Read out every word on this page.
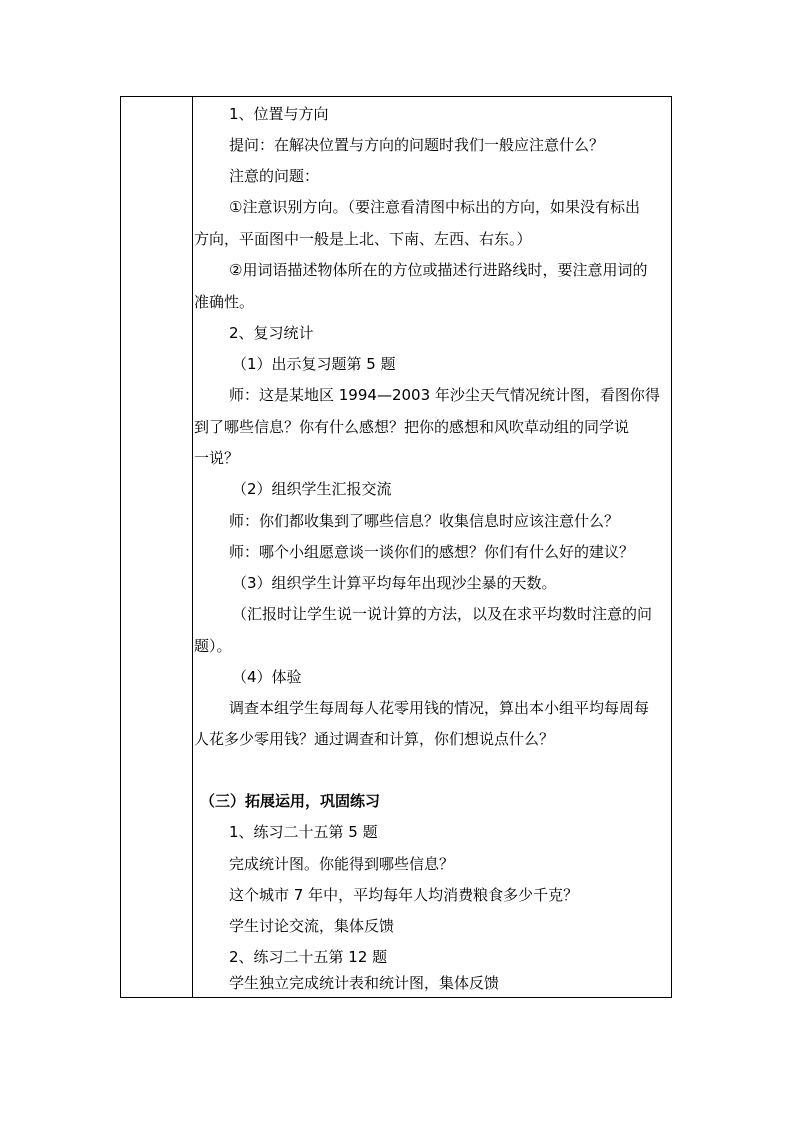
1、位置与方向
提问：在解决位置与方向的问题时我们一般应注意什么？
注意的问题：
①注意识别方向。（要注意看清图中标出的方向，如果没有标出
方向，平面图中一般是上北、下南、左西、右东。）
②用词语描述物体所在的方位或描述行进路线时，要注意用词的
准确性。
2、复习统计
（1）出示复习题第 5 题
师：这是某地区 1994—2003 年沙尘天气情况统计图，看图你得
到了哪些信息？你有什么感想？把你的感想和风吹草动组的同学说
一说？
（2）组织学生汇报交流
师：你们都收集到了哪些信息？收集信息时应该注意什么？
师：哪个小组愿意谈一谈你们的感想？你们有什么好的建议？
（3）组织学生计算平均每年出现沙尘暴的天数。
（汇报时让学生说一说计算的方法，以及在求平均数时注意的问
题）。
（4）体验
调查本组学生每周每人花零用钱的情况，算出本小组平均每周每
人花多少零用钱？通过调查和计算，你们想说点什么？
（三）拓展运用，巩固练习
1、练习二十五第 5 题
完成统计图。你能得到哪些信息？
这个城市 7 年中，平均每年人均消费粮食多少千克？
学生讨论交流，集体反馈
2、练习二十五第 12 题
学生独立完成统计表和统计图，集体反馈
